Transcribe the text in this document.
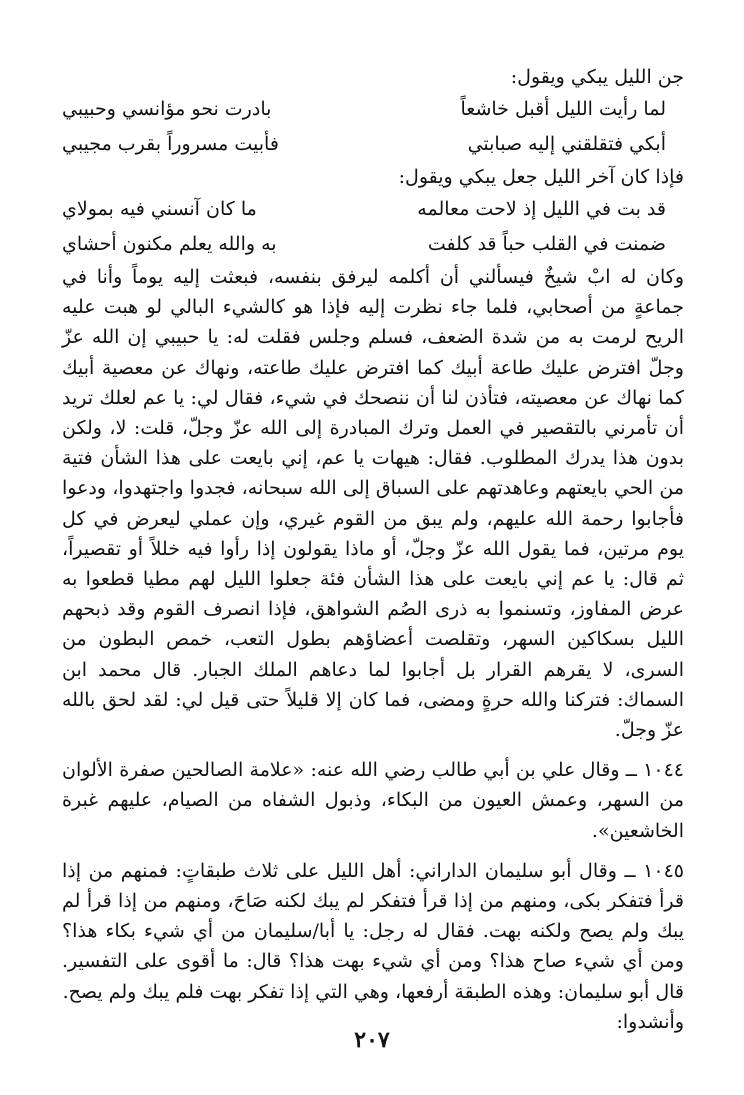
جن الليل يبكي ويقول:
لما رأيت الليل أقبل خاشعاً
بادرت نحو مؤانسي وحبيبي
أبكي فتقلقني إليه صبابتي
فأبيت مسروراً بقرب مجيبي
فإذا كان آخر الليل جعل يبكي ويقول:
قد بت في الليل إذ لاحت معالمه
ما كان آنسني فيه بمولاي
ضمنت في القلب حباً قد كلفت
به والله يعلم مكنون أحشاي
وكان له ابْ شيخٌ فيسألني أن أكلمه ليرفق بنفسه، فبعثت إليه يوماً وأنا في جماعةٍ من أصحابي، فلما جاء نظرت إليه فإذا هو كالشيء البالي لو هبت عليه الريح لرمت به من شدة الضعف، فسلم وجلس فقلت له: يا حبيبي إن الله عزّ وجلّ افترض عليك طاعة أبيك كما افترض عليك طاعته، ونهاك عن معصية أبيك كما نهاك عن معصيته، فتأذن لنا أن ننصحك في شيء، فقال لي: يا عم لعلك تريد أن تأمرني بالتقصير في العمل وترك المبادرة إلى الله عزّ وجلّ، قلت: لا، ولكن بدون هذا يدرك المطلوب. فقال: هيهات يا عم، إني بايعت على هذا الشأن فتية من الحي بايعتهم وعاهدتهم على السباق إلى الله سبحانه، فجدوا واجتهدوا، ودعوا فأجابوا رحمة الله عليهم، ولم يبق من القوم غيري، وإن عملي ليعرض في كل يوم مرتين، فما يقول الله عزّ وجلّ، أو ماذا يقولون إذا رأوا فيه خللاً أو تقصيراً، ثم قال: يا عم إني بايعت على هذا الشأن فئة جعلوا الليل لهم مطيا قطعوا به عرض المفاوز، وتسنموا به ذرى الصُم الشواهق، فإذا انصرف القوم وقد ذبحهم الليل بسكاكين السهر، وتقلصت أعضاؤهم بطول التعب، خمص البطون من السرى، لا يقرهم القرار بل أجابوا لما دعاهم الملك الجبار. قال محمد ابن السماك: فتركنا والله حرةٍ ومضى، فما كان إلا قليلاً حتى قيل لي: لقد لحق بالله عزّ وجلّ.
١٠٤٤ ــ وقال علي بن أبي طالب رضي الله عنه: «علامة الصالحين صفرة الألوان من السهر، وعمش العيون من البكاء، وذبول الشفاه من الصيام، عليهم غبرة الخاشعين».
١٠٤٥ ــ وقال أبو سليمان الداراني: أهل الليل على ثلاث طبقاتٍ: فمنهم من إذا قرأ فتفكر بكى، ومنهم من إذا قرأ فتفكر لم يبك لكنه صَاحَ، ومنهم من إذا قرأ لم يبك ولم يصح ولكنه بهت. فقال له رجل: يا أبا/سليمان من أي شيء بكاء هذا؟ ومن أي شيء صاح هذا؟ ومن أي شيء بهت هذا؟ قال: ما أقوى على التفسير. قال أبو سليمان: وهذه الطبقة أرفعها، وهي التي إذا تفكر بهت فلم يبك ولم يصح.
وأنشدوا:
٢٠٧
